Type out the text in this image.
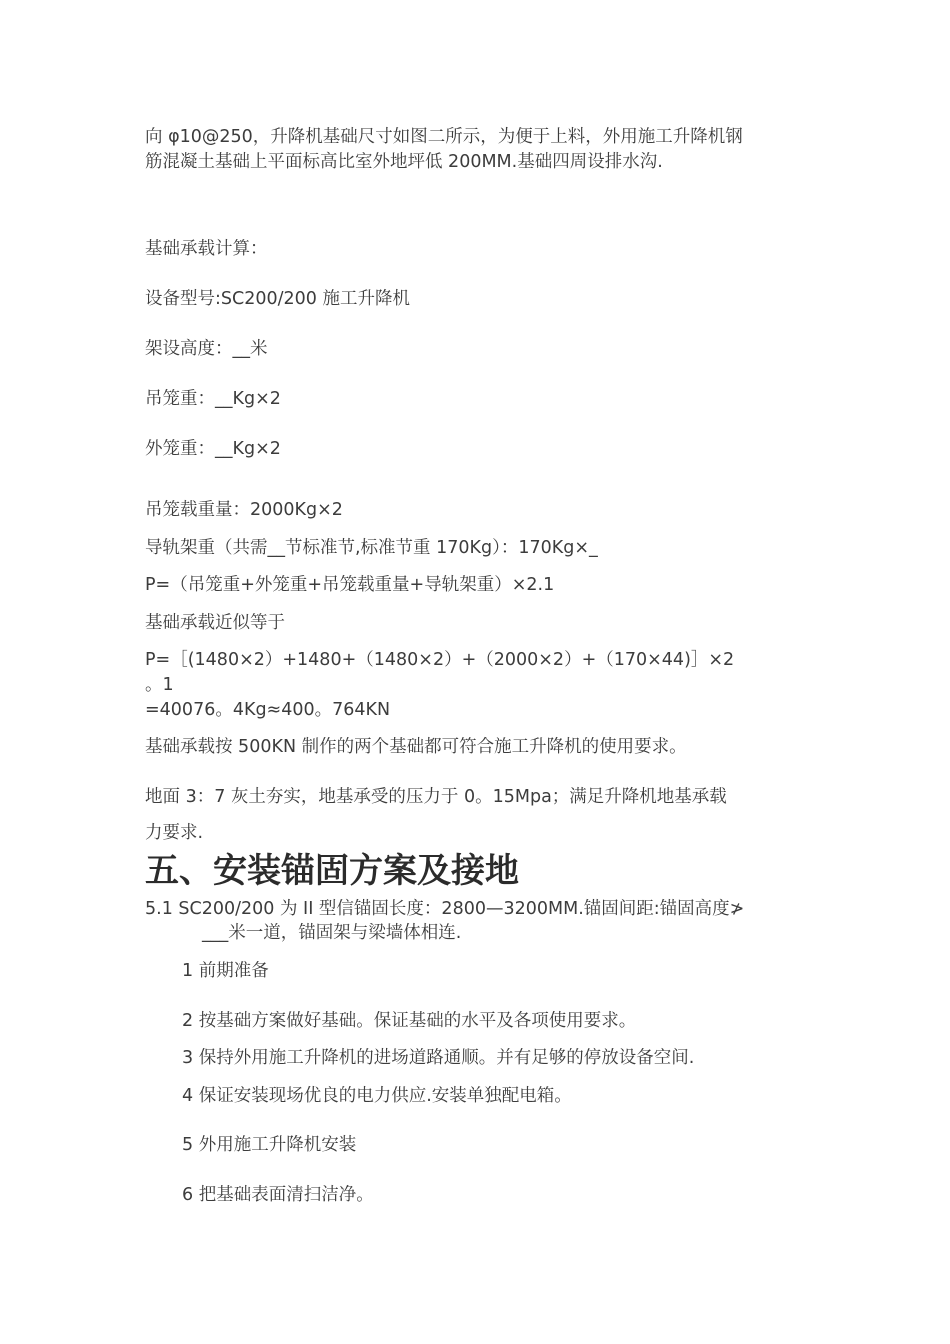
向 φ10@250，升降机基础尺寸如图二所示，为便于上料，外用施工升降机钢

筋混凝土基础上平面标高比室外地坪低 200MM.基础四周设排水沟.

基础承载计算：

设备型号:SC200/200 施工升降机

架设高度：__米

吊笼重：__Kg×2

外笼重：__Kg×2

吊笼载重量：2000Kg×2

导轨架重（共需__节标准节,标准节重 170Kg）：170Kg×_

P=（吊笼重+外笼重+吊笼载重量+导轨架重）×2.1

基础承载近似等于

P=［(1480×2）+1480+（1480×2）+（2000×2）+（170×44)］×2

。1

=40076。4Kg≈400。764KN

基础承载按 500KN 制作的两个基础都可符合施工升降机的使用要求。

地面 3：7 灰土夯实，地基承受的压力于 0。15Mpa；满足升降机地基承载

力要求.

五、安装锚固方案及接地

5.1 SC200/200 为 II 型信锚固长度：2800—3200MM.锚固间距:锚固高度≯

___米一道，锚固架与梁墙体相连.

1 前期准备

2 按基础方案做好基础。保证基础的水平及各项使用要求。

3 保持外用施工升降机的进场道路通顺。并有足够的停放设备空间.

4 保证安装现场优良的电力供应.安装单独配电箱。

5 外用施工升降机安装

6 把基础表面清扫洁净。
